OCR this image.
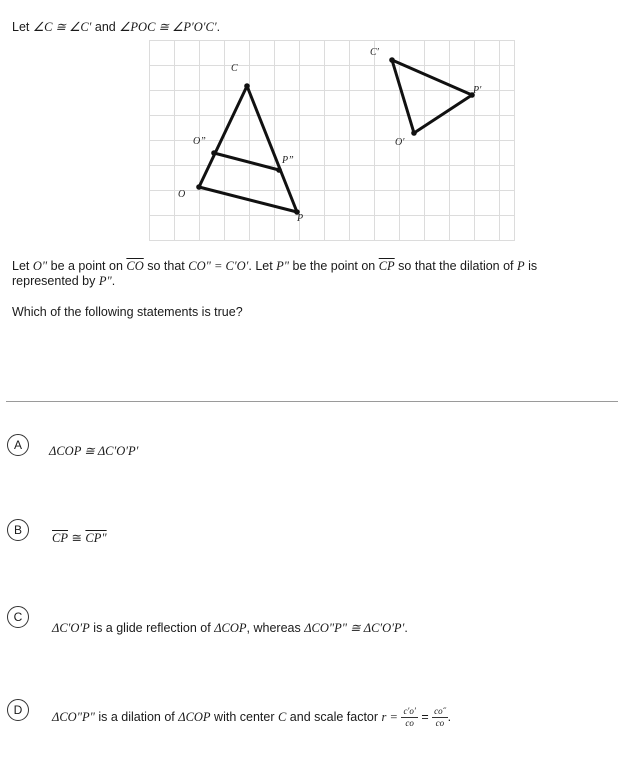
Let ∠C ≅ ∠C′ and ∠POC ≅ ∠P′O′C′.
C
O”
O
P”
P
C′
O′
P′
Let O" be a point on $\overline{CO}$ so that CO" = C′O′. Let P" be the point on $\overline{CP}$ so that the dilation of P is represented by P".
Which of the following statements is true?
A	ΔCOP ≅ ΔC′O′P′
B
$\overline{CP}$ ≅ CP"
C
ΔC′O′P is a glide reflection of ΔCOP, whereas ΔCO"P" ≅ ΔC′O′P′.
D	ΔCO"P" is a dilation of ΔCOP with center C and scale factor $r = \frac{c'o'}{co} = \frac{co˝}{co}$ .
